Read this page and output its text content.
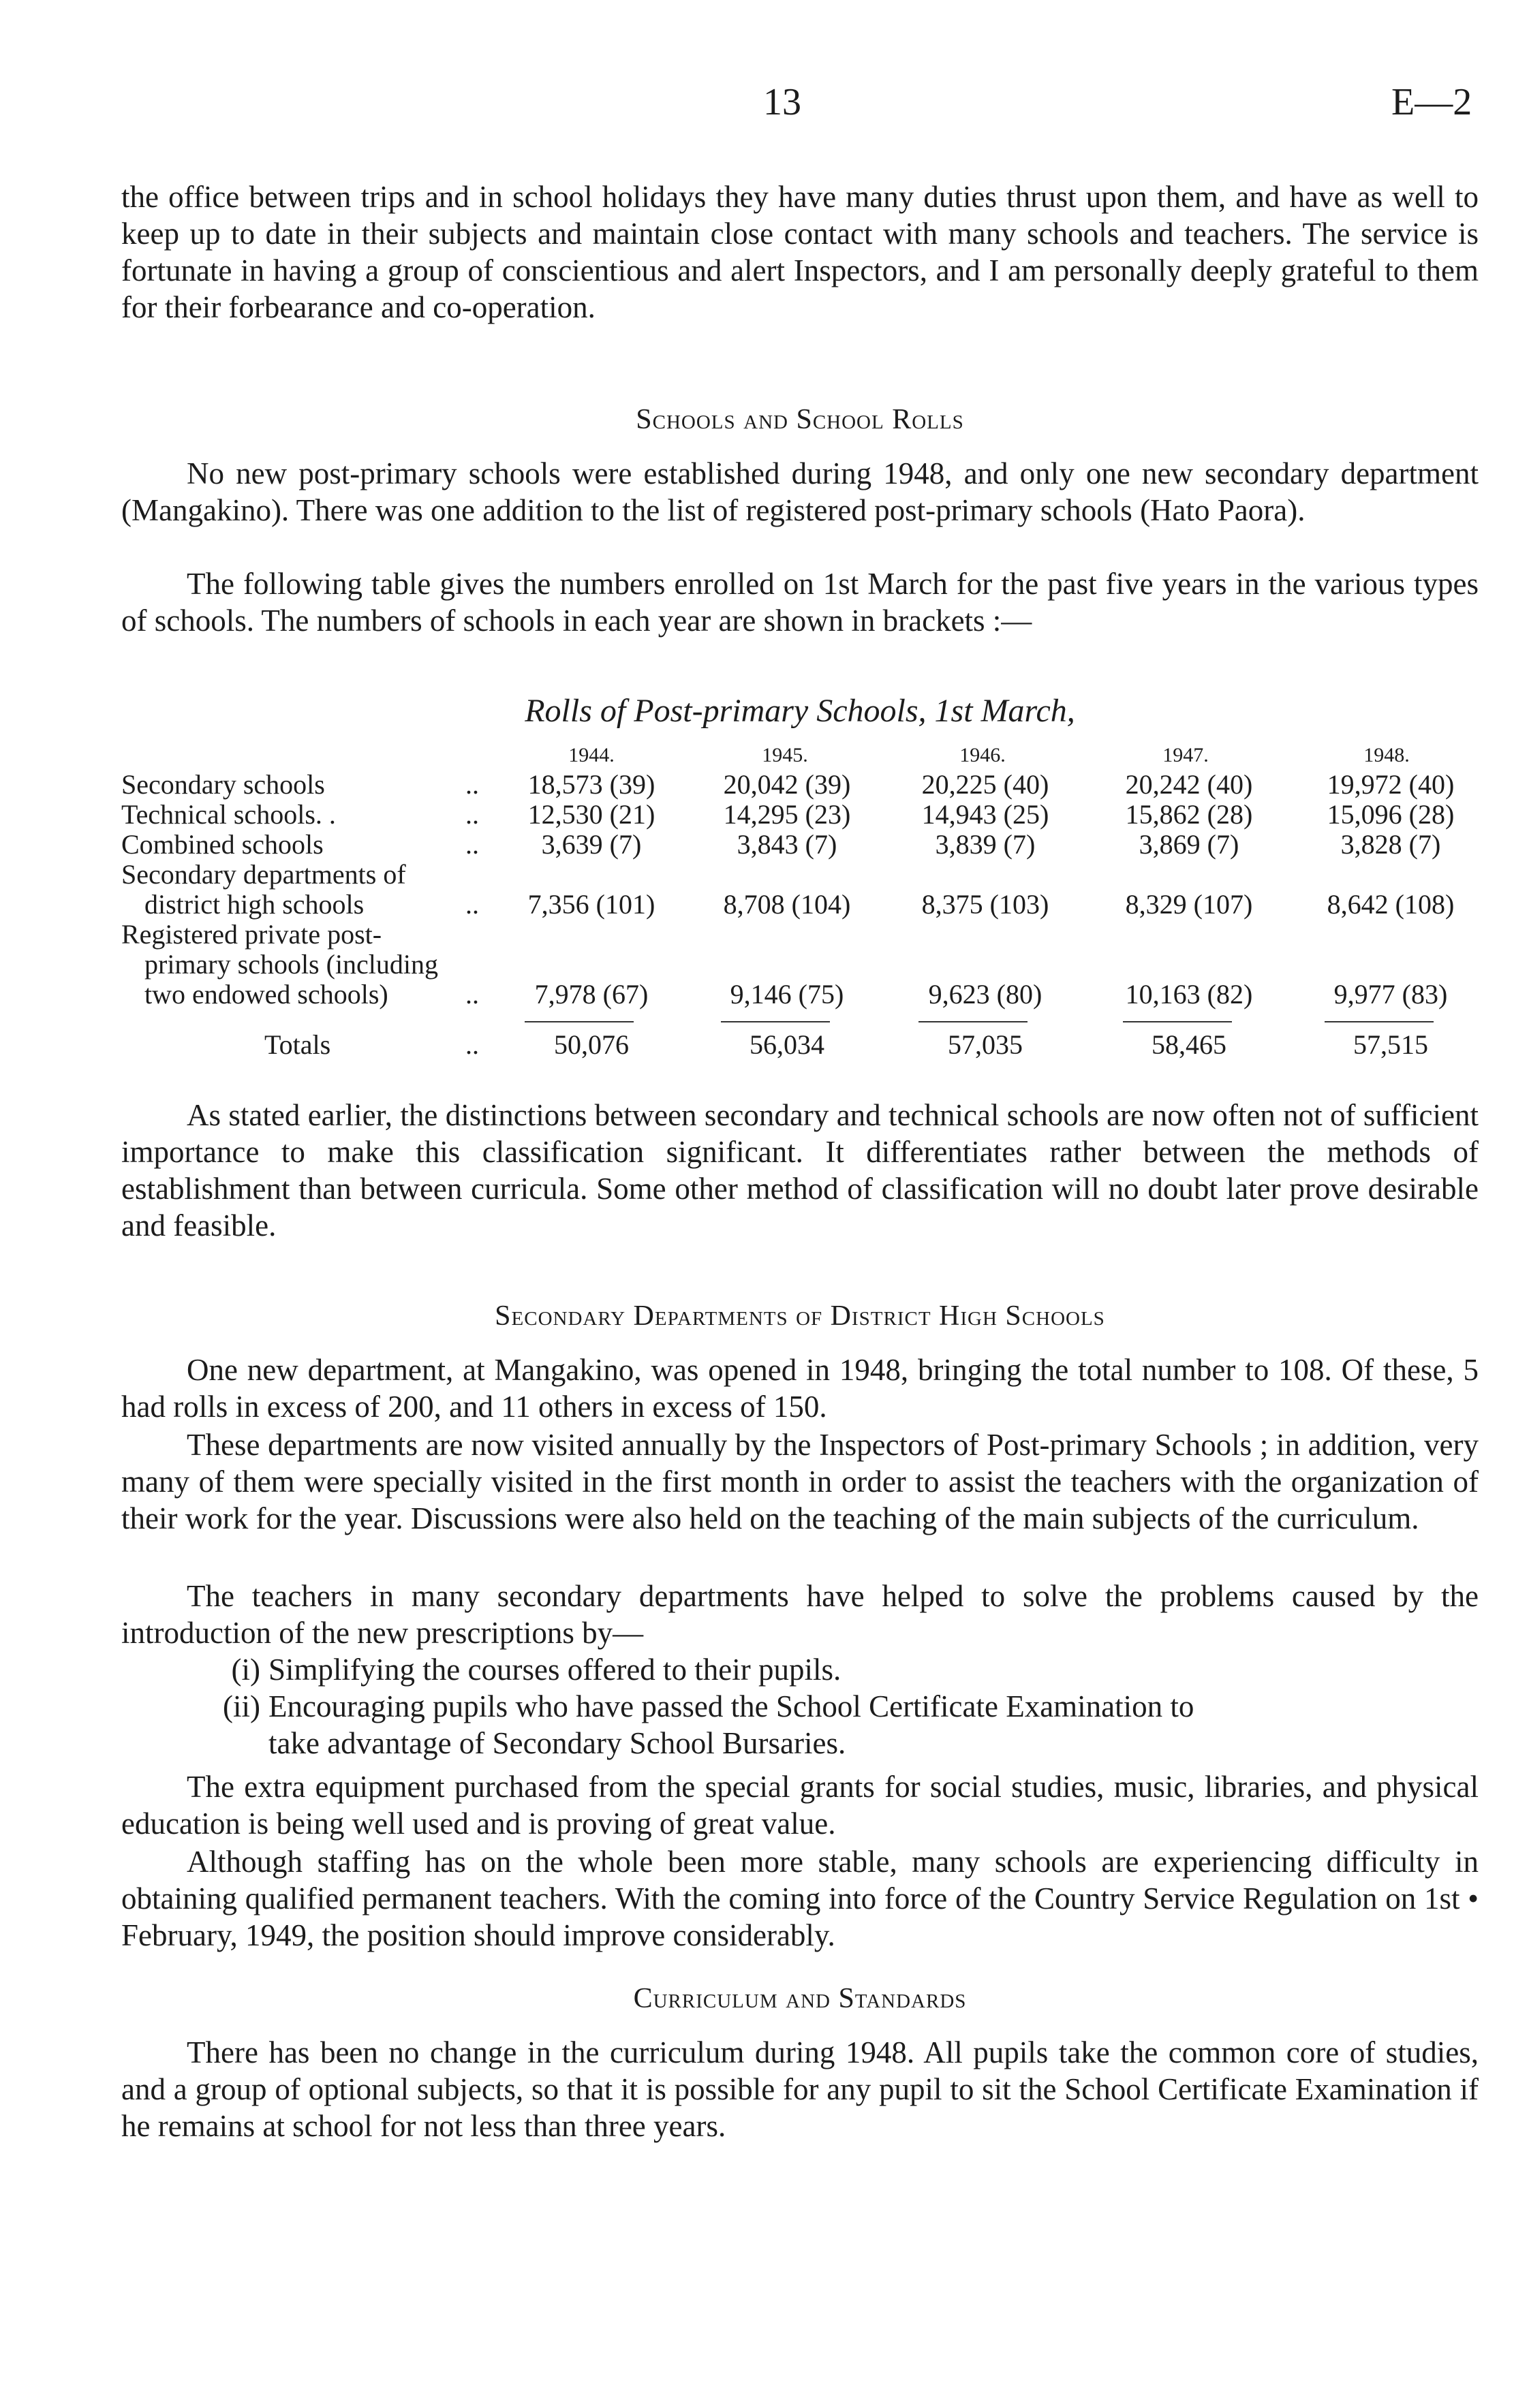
13	E—2

the office between trips and in school holidays they have many duties thrust upon them, and have as well to keep up to date in their subjects and maintain close contact with many schools and teachers. The service is fortunate in having a group of conscientious and alert Inspectors, and I am personally deeply grateful to them for their forbearance and co-operation.

Schools and School Rolls

No new post-primary schools were established during 1948, and only one new secondary department (Mangakino). There was one addition to the list of registered post-primary schools (Hato Paora).

The following table gives the numbers enrolled on 1st March for the past five years in the various types of schools. The numbers of schools in each year are shown in brackets :—

Rolls of Post-primary Schools, 1st March,

1944.	1945.	1946.	1947.	1948.
Secondary schools	..	18,573 (39)	20,042 (39)	20,225 (40)	20,242 (40)	19,972 (40)
Technical schools. .	..	12,530 (21)	14,295 (23)	14,943 (25)	15,862 (28)	15,096 (28)
Combined schools	..	3,639 (7)	3,843 (7)	3,839 (7)	3,869 (7)	3,828 (7)
Secondary departments of
district high schools	..	7,356 (101)	8,708 (104)	8,375 (103)	8,329 (107)	8,642 (108)
Registered private post-
primary schools (including
two endowed schools)	..	7,978 (67)	9,146 (75)	9,623 (80)	10,163 (82)	9,977 (83)
Totals	..	50,076	56,034	57,035	58,465	57,515

As stated earlier, the distinctions between secondary and technical schools are now often not of sufficient importance to make this classification significant. It differentiates rather between the methods of establishment than between curricula. Some other method of classification will no doubt later prove desirable and feasible.

Secondary Departments of District High Schools

One new department, at Mangakino, was opened in 1948, bringing the total number to 108. Of these, 5 had rolls in excess of 200, and 11 others in excess of 150.

These departments are now visited annually by the Inspectors of Post-primary Schools ; in addition, very many of them were specially visited in the first month in order to assist the teachers with the organization of their work for the year. Discussions were also held on the teaching of the main subjects of the curriculum.

The teachers in many secondary departments have helped to solve the problems caused by the introduction of the new prescriptions by—

(i) Simplifying the courses offered to their pupils.

(ii) Encouraging pupils who have passed the School Certificate Examination to

take advantage of Secondary School Bursaries.

The extra equipment purchased from the special grants for social studies, music, libraries, and physical education is being well used and is proving of great value.

Although staffing has on the whole been more stable, many schools are experiencing difficulty in obtaining qualified permanent teachers. With the coming into force of the Country Service Regulation on 1st • February, 1949, the position should improve considerably.

Curriculum and Standards

There has been no change in the curriculum during 1948. All pupils take the common core of studies, and a group of optional subjects, so that it is possible for any pupil to sit the School Certificate Examination if he remains at school for not less than three years.
